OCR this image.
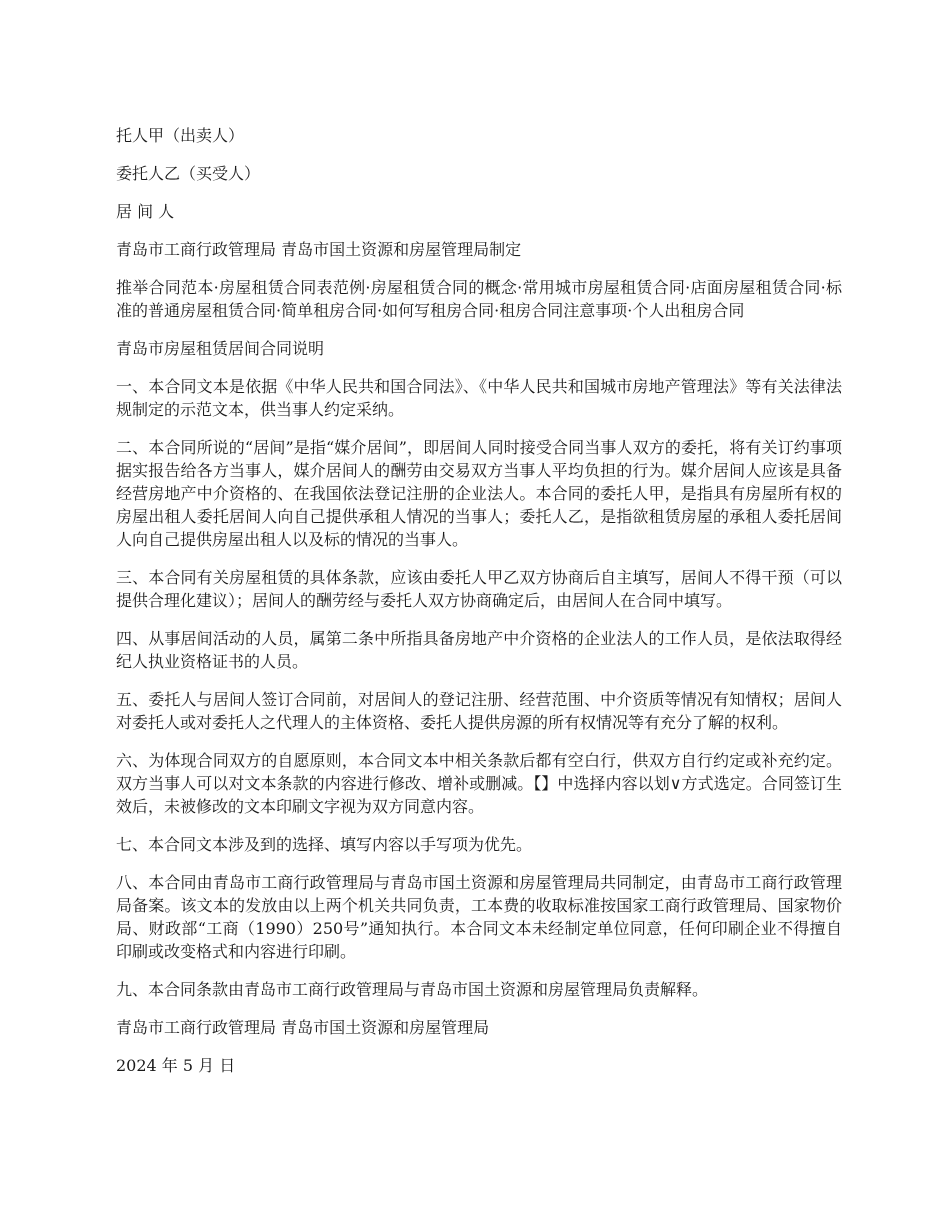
托人甲（出卖人）

委托人乙（买受人）

居 间 人

青岛市工商行政管理局 青岛市国土资源和房屋管理局制定

推举合同范本·房屋租赁合同表范例·房屋租赁合同的概念·常用城市房屋租赁合同·店面房屋租赁合同·标准的普通房屋租赁合同·简单租房合同·如何写租房合同·租房合同注意事项·个人出租房合同

青岛市房屋租赁居间合同说明

一、本合同文本是依据《中华人民共和国合同法》、《中华人民共和国城市房地产管理法》等有关法律法规制定的示范文本，供当事人约定采纳。

二、本合同所说的“居间”是指“媒介居间”，即居间人同时接受合同当事人双方的委托，将有关订约事项据实报告给各方当事人，媒介居间人的酬劳由交易双方当事人平均负担的行为。媒介居间人应该是具备经营房地产中介资格的、在我国依法登记注册的企业法人。本合同的委托人甲，是指具有房屋所有权的房屋出租人委托居间人向自己提供承租人情况的当事人；委托人乙，是指欲租赁房屋的承租人委托居间人向自己提供房屋出租人以及标的情况的当事人。

三、本合同有关房屋租赁的具体条款，应该由委托人甲乙双方协商后自主填写，居间人不得干预（可以提供合理化建议）；居间人的酬劳经与委托人双方协商确定后，由居间人在合同中填写。

四、从事居间活动的人员，属第二条中所指具备房地产中介资格的企业法人的工作人员，是依法取得经纪人执业资格证书的人员。

五、委托人与居间人签订合同前，对居间人的登记注册、经营范围、中介资质等情况有知情权；居间人对委托人或对委托人之代理人的主体资格、委托人提供房源的所有权情况等有充分了解的权利。

六、为体现合同双方的自愿原则，本合同文本中相关条款后都有空白行，供双方自行约定或补充约定。双方当事人可以对文本条款的内容进行修改、增补或删减。【】中选择内容以划∨方式选定。合同签订生效后，未被修改的文本印刷文字视为双方同意内容。

七、本合同文本涉及到的选择、填写内容以手写项为优先。

八、本合同由青岛市工商行政管理局与青岛市国土资源和房屋管理局共同制定，由青岛市工商行政管理局备案。该文本的发放由以上两个机关共同负责，工本费的收取标准按国家工商行政管理局、国家物价局、财政部“工商（1990）250号”通知执行。本合同文本未经制定单位同意，任何印刷企业不得擅自印刷或改变格式和内容进行印刷。

九、本合同条款由青岛市工商行政管理局与青岛市国土资源和房屋管理局负责解释。

青岛市工商行政管理局 青岛市国土资源和房屋管理局

2024 年 5 月 日
